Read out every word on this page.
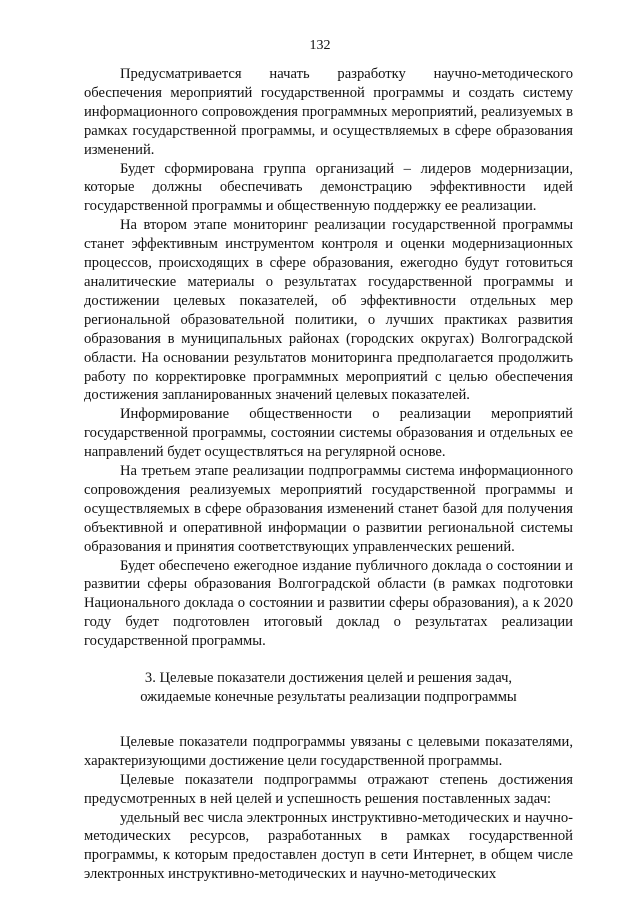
132

Предусматривается начать разработку научно-методического обеспечения мероприятий государственной программы и создать систему информационного сопровождения программных мероприятий, реализуемых в рамках государственной программы, и осуществляемых в сфере образования изменений.

Будет сформирована группа организаций – лидеров модернизации, которые должны обеспечивать демонстрацию эффективности идей государственной программы и общественную поддержку ее реализации.

На втором этапе мониторинг реализации государственной программы станет эффективным инструментом контроля и оценки модернизационных процессов, происходящих в сфере образования, ежегодно будут готовиться аналитические материалы о результатах государственной программы и достижении целевых показателей, об эффективности отдельных мер региональной образовательной политики, о лучших практиках развития образования в муниципальных районах (городских округах) Волгоградской области. На основании результатов мониторинга предполагается продолжить работу по корректировке программных мероприятий с целью обеспечения достижения запланированных значений целевых показателей.

Информирование общественности о реализации мероприятий государственной программы, состоянии системы образования и отдельных ее направлений будет осуществляться на регулярной основе.

На третьем этапе реализации подпрограммы система информационного сопровождения реализуемых мероприятий государственной программы и осуществляемых в сфере образования изменений станет базой для получения объективной и оперативной информации о развитии региональной системы образования и принятия соответствующих управленческих решений.

Будет обеспечено ежегодное издание публичного доклада о состоянии и развитии сферы образования Волгоградской области (в рамках подготовки Национального доклада о состоянии и развитии сферы образования), а к 2020 году будет подготовлен итоговый доклад о результатах реализации государственной программы.

3. Целевые показатели достижения целей и решения задач,

ожидаемые конечные результаты реализации подпрограммы

Целевые показатели подпрограммы увязаны с целевыми показателями, характеризующими достижение цели государственной программы.

Целевые показатели подпрограммы отражают степень достижения предусмотренных в ней целей и успешность решения поставленных задач:

удельный вес числа электронных инструктивно-методических и научно-методических ресурсов, разработанных в рамках государственной программы, к которым предоставлен доступ в сети Интернет, в общем числе электронных инструктивно-методических и научно-методических
